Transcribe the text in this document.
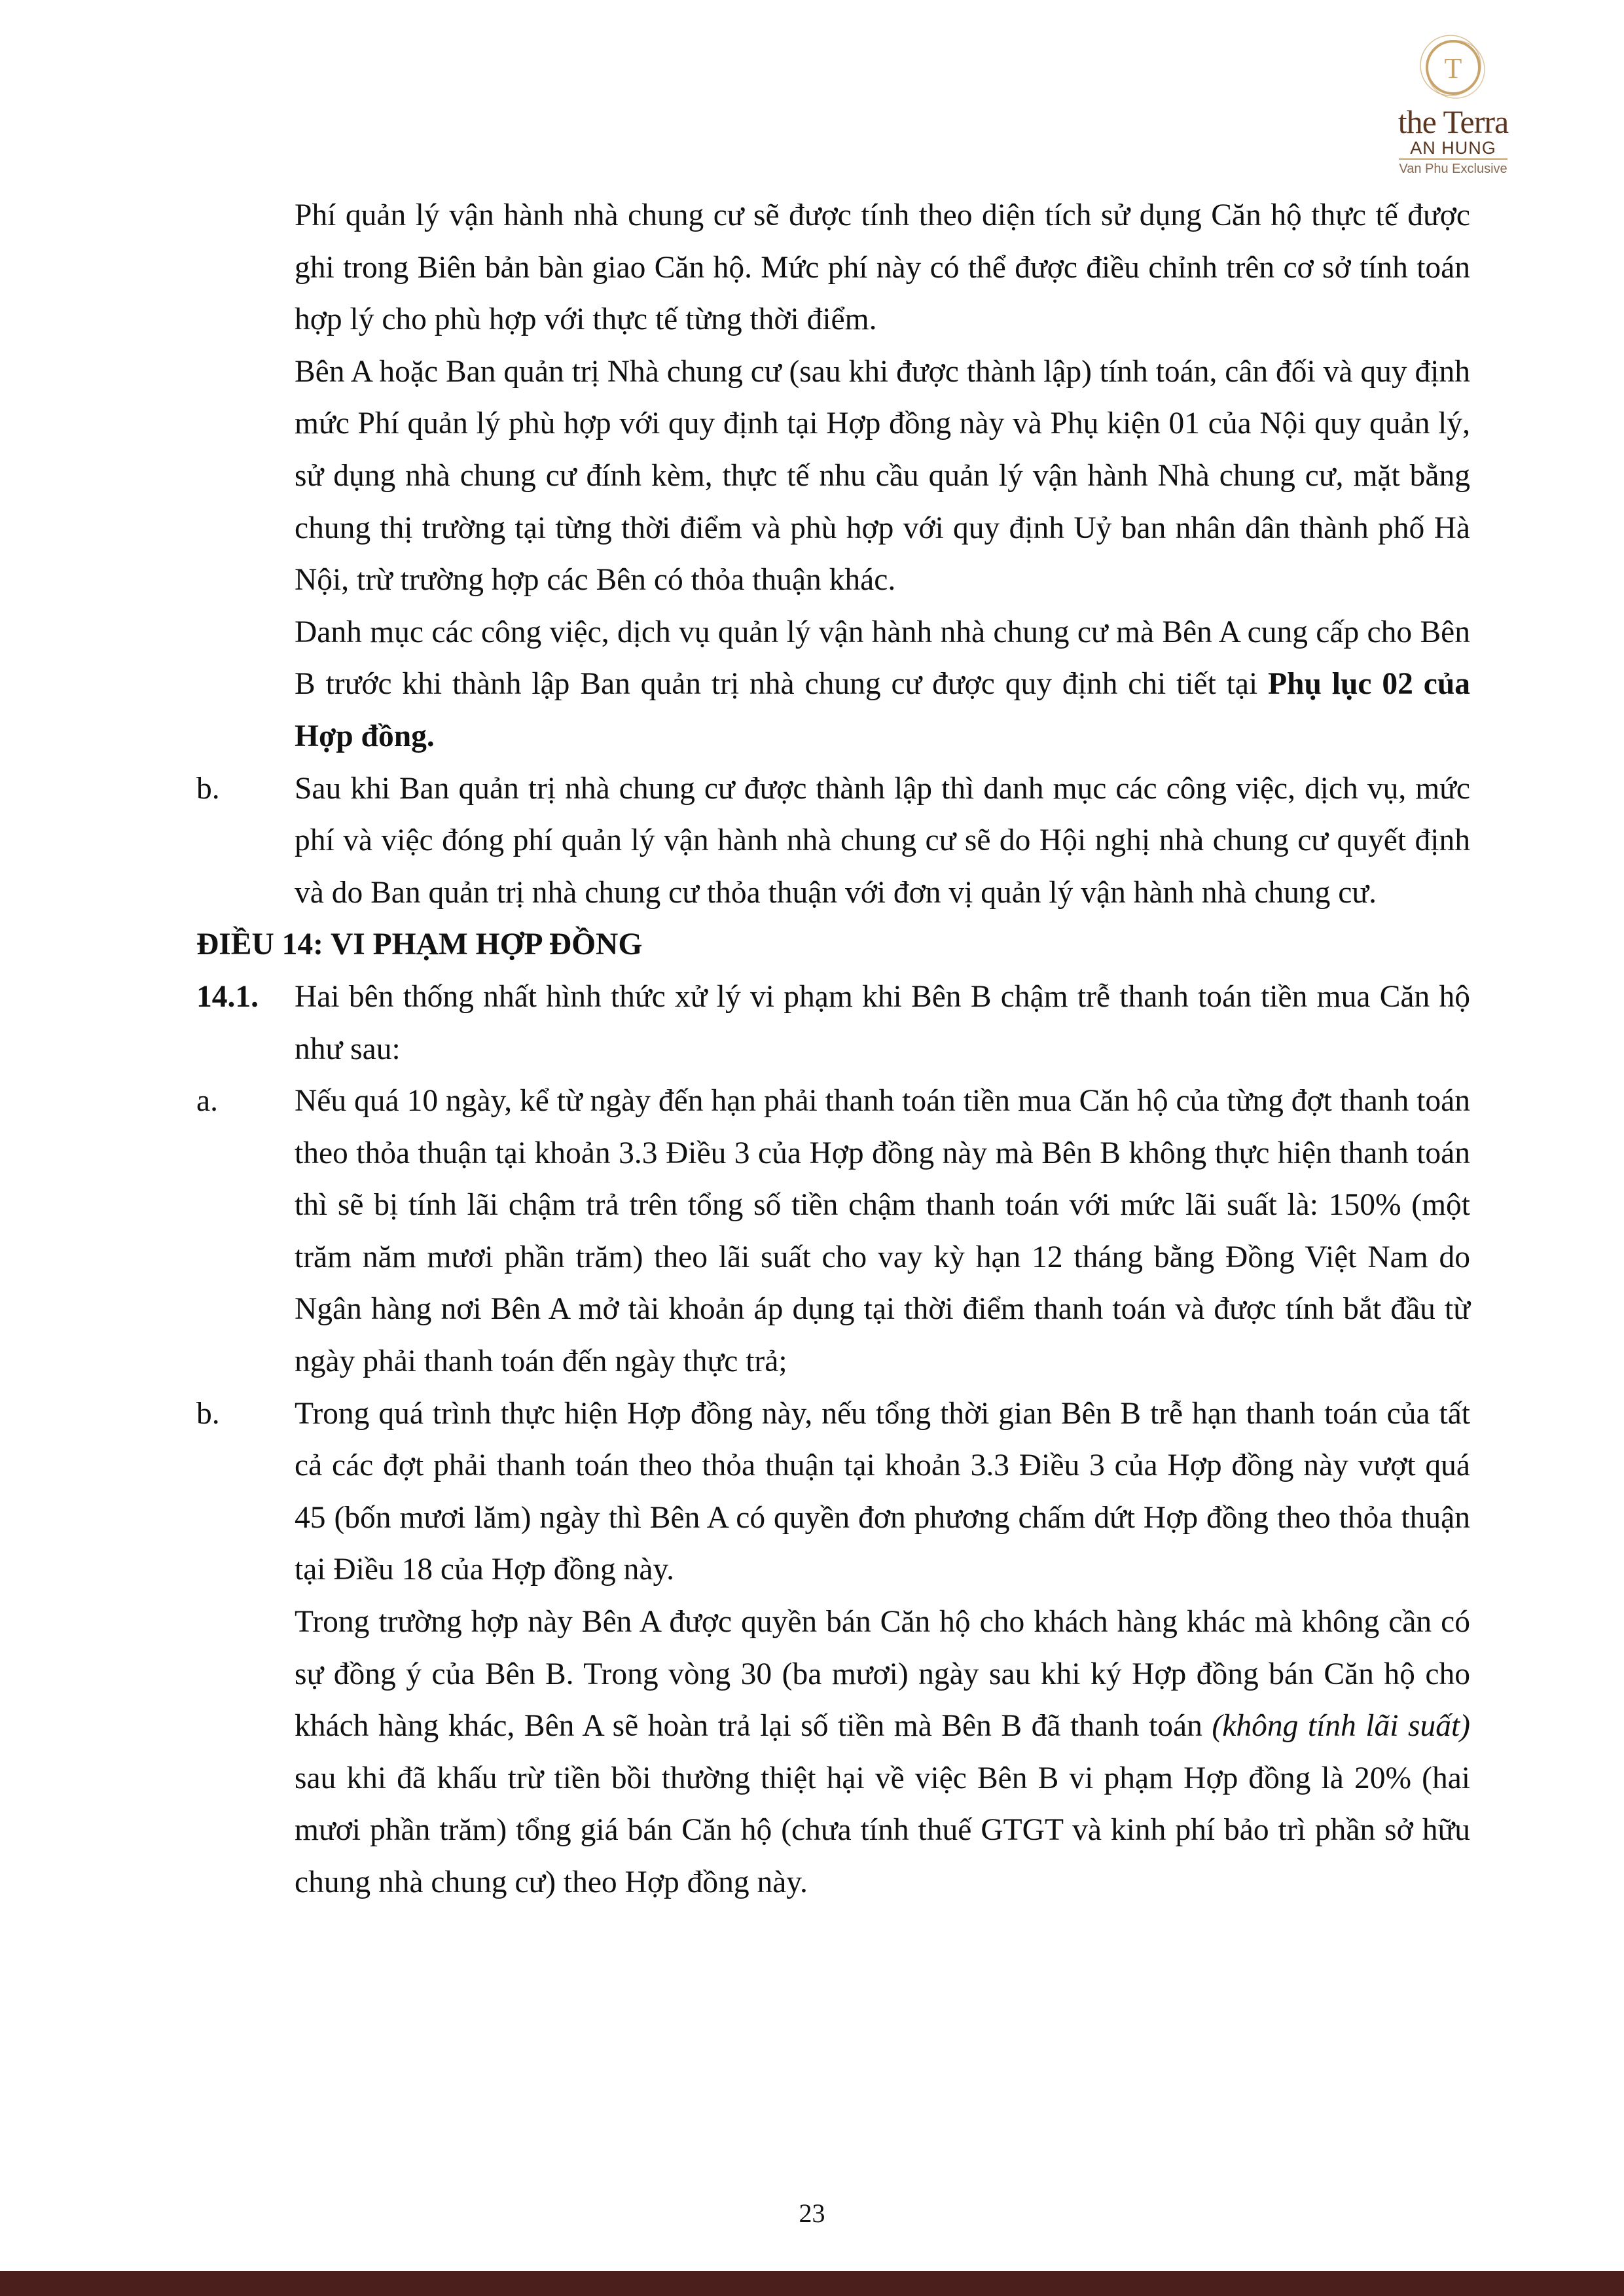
T
the Terra
AN HUNG
Van Phu Exclusive
Phí quản lý vận hành nhà chung cư sẽ được tính theo diện tích sử dụng Căn hộ thực tế được ghi trong Biên bản bàn giao Căn hộ. Mức phí này có thể được điều chỉnh trên cơ sở tính toán hợp lý cho phù hợp với thực tế từng thời điểm.
Bên A hoặc Ban quản trị Nhà chung cư (sau khi được thành lập) tính toán, cân đối và quy định mức Phí quản lý phù hợp với quy định tại Hợp đồng này và Phụ kiện 01 của Nội quy quản lý, sử dụng nhà chung cư đính kèm, thực tế nhu cầu quản lý vận hành Nhà chung cư, mặt bằng chung thị trường tại từng thời điểm và phù hợp với quy định Uỷ ban nhân dân thành phố Hà Nội, trừ trường hợp các Bên có thỏa thuận khác.
Danh mục các công việc, dịch vụ quản lý vận hành nhà chung cư mà Bên A cung cấp cho Bên B trước khi thành lập Ban quản trị nhà chung cư được quy định chi tiết tại Phụ lục 02 của Hợp đồng.
b. Sau khi Ban quản trị nhà chung cư được thành lập thì danh mục các công việc, dịch vụ, mức phí và việc đóng phí quản lý vận hành nhà chung cư sẽ do Hội nghị nhà chung cư quyết định và do Ban quản trị nhà chung cư thỏa thuận với đơn vị quản lý vận hành nhà chung cư.
ĐIỀU 14: VI PHẠM HỢP ĐỒNG
14.1. Hai bên thống nhất hình thức xử lý vi phạm khi Bên B chậm trễ thanh toán tiền mua Căn hộ như sau:
a. Nếu quá 10 ngày, kể từ ngày đến hạn phải thanh toán tiền mua Căn hộ của từng đợt thanh toán theo thỏa thuận tại khoản 3.3 Điều 3 của Hợp đồng này mà Bên B không thực hiện thanh toán thì sẽ bị tính lãi chậm trả trên tổng số tiền chậm thanh toán với mức lãi suất là: 150% (một trăm năm mươi phần trăm) theo lãi suất cho vay kỳ hạn 12 tháng bằng Đồng Việt Nam do Ngân hàng nơi Bên A mở tài khoản áp dụng tại thời điểm thanh toán và được tính bắt đầu từ ngày phải thanh toán đến ngày thực trả;
b. Trong quá trình thực hiện Hợp đồng này, nếu tổng thời gian Bên B trễ hạn thanh toán của tất cả các đợt phải thanh toán theo thỏa thuận tại khoản 3.3 Điều 3 của Hợp đồng này vượt quá 45 (bốn mươi lăm) ngày thì Bên A có quyền đơn phương chấm dứt Hợp đồng theo thỏa thuận tại Điều 18 của Hợp đồng này.
Trong trường hợp này Bên A được quyền bán Căn hộ cho khách hàng khác mà không cần có sự đồng ý của Bên B. Trong vòng 30 (ba mươi) ngày sau khi ký Hợp đồng bán Căn hộ cho khách hàng khác, Bên A sẽ hoàn trả lại số tiền mà Bên B đã thanh toán (không tính lãi suất) sau khi đã khấu trừ tiền bồi thường thiệt hại về việc Bên B vi phạm Hợp đồng là 20% (hai mươi phần trăm) tổng giá bán Căn hộ (chưa tính thuế GTGT và kinh phí bảo trì phần sở hữu chung nhà chung cư) theo Hợp đồng này.
23
